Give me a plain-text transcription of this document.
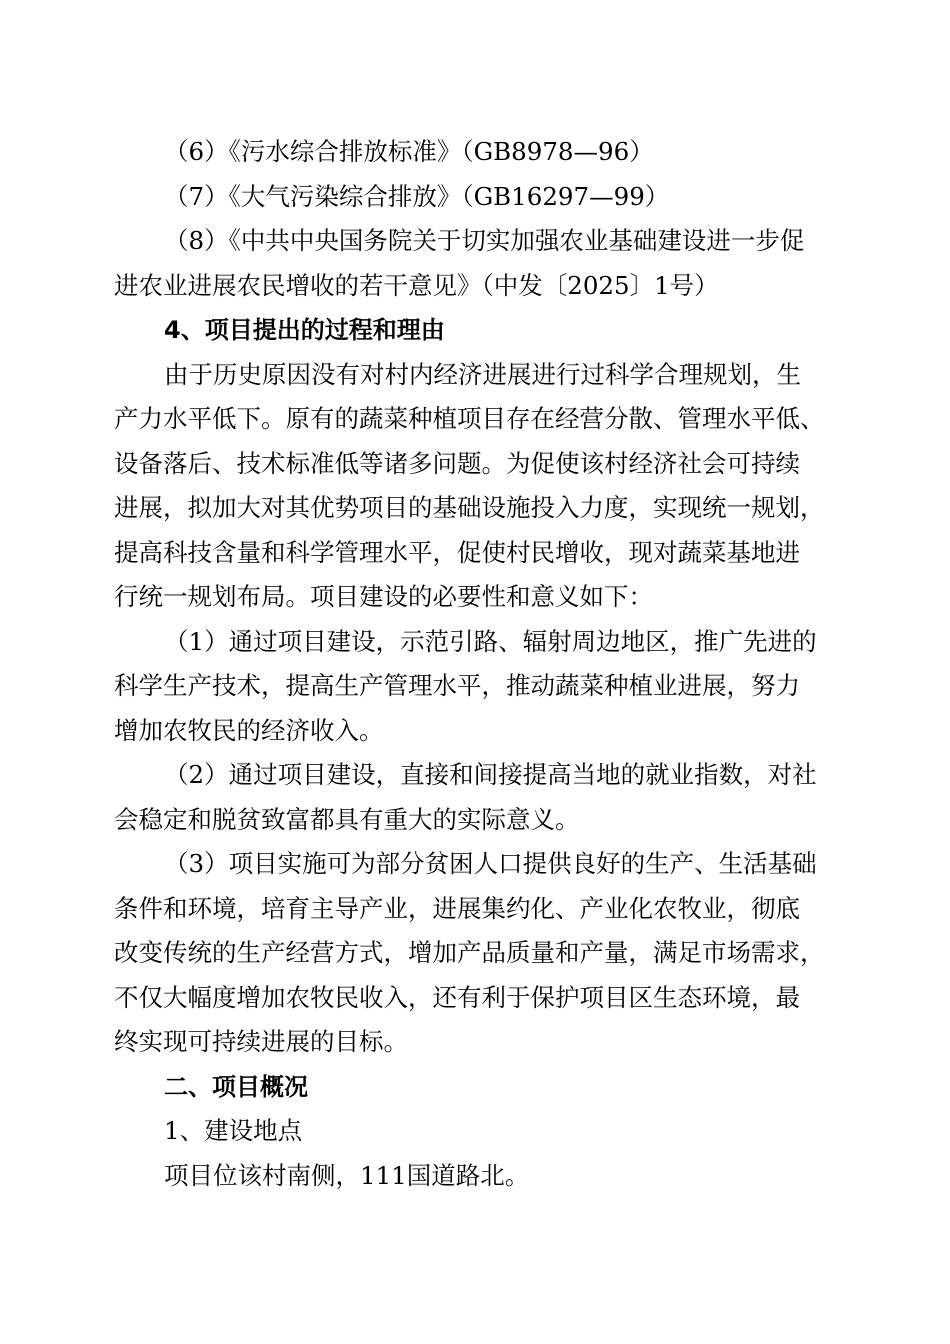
（6）《污水综合排放标准》（GB8978—96）
（7）《大气污染综合排放》（GB16297—99）
（8）《中共中央国务院关于切实加强农业基础建设进一步促
进农业进展农民增收的若干意见》（中发〔2025〕1号）
4、项目提出的过程和理由
由于历史原因没有对村内经济进展进行过科学合理规划，生
产力水平低下。原有的蔬菜种植项目存在经营分散、管理水平低、
设备落后、技术标准低等诸多问题。为促使该村经济社会可持续
进展，拟加大对其优势项目的基础设施投入力度，实现统一规划，
提高科技含量和科学管理水平，促使村民增收，现对蔬菜基地进
行统一规划布局。项目建设的必要性和意义如下：
（1）通过项目建设，示范引路、辐射周边地区，推广先进的
科学生产技术，提高生产管理水平，推动蔬菜种植业进展，努力
增加农牧民的经济收入。
（2）通过项目建设，直接和间接提高当地的就业指数，对社
会稳定和脱贫致富都具有重大的实际意义。
（3）项目实施可为部分贫困人口提供良好的生产、生活基础
条件和环境，培育主导产业，进展集约化、产业化农牧业，彻底
改变传统的生产经营方式，增加产品质量和产量，满足市场需求，
不仅大幅度增加农牧民收入，还有利于保护项目区生态环境，最
终实现可持续进展的目标。
二、项目概况
1、建设地点
项目位该村南侧，111国道路北。
